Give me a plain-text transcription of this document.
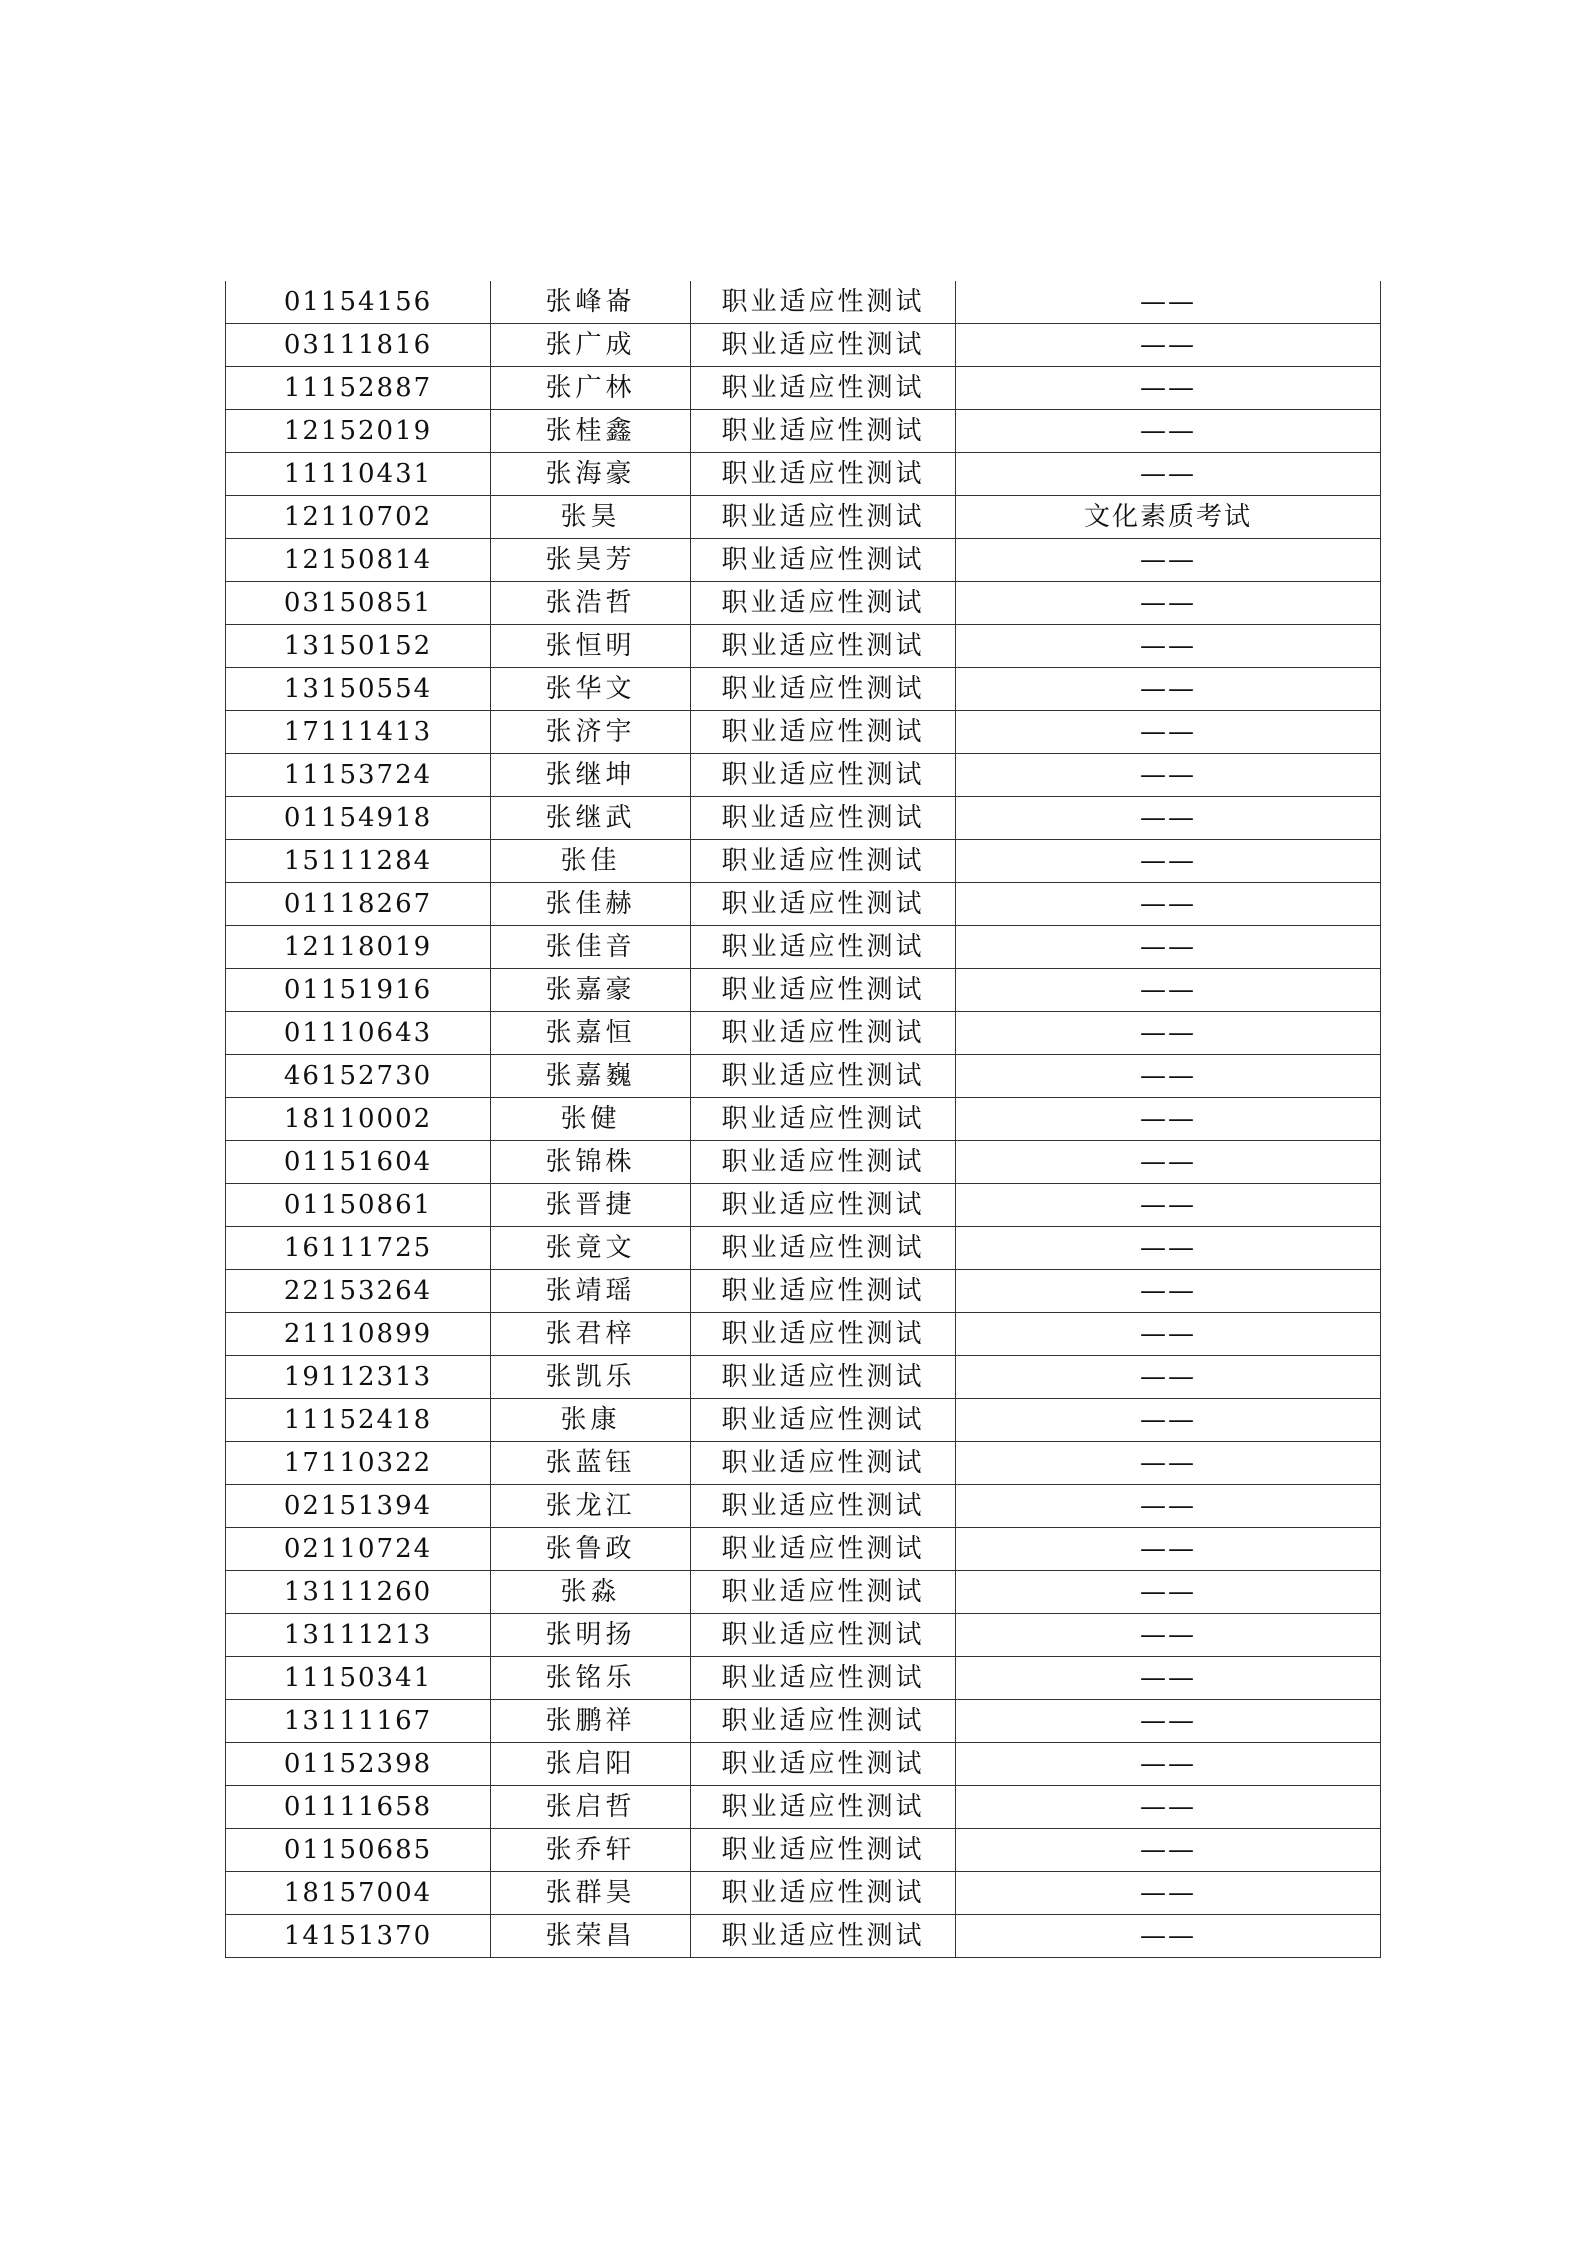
01154156	张峰崙	职业适应性测试	——
03111816	张广成	职业适应性测试	——
11152887	张广林	职业适应性测试	——
12152019	张桂鑫	职业适应性测试	——
11110431	张海豪	职业适应性测试	——
12110702	张昊	职业适应性测试	文化素质考试
12150814	张昊芳	职业适应性测试	——
03150851	张浩哲	职业适应性测试	——
13150152	张恒明	职业适应性测试	——
13150554	张华文	职业适应性测试	——
17111413	张济宇	职业适应性测试	——
11153724	张继坤	职业适应性测试	——
01154918	张继武	职业适应性测试	——
15111284	张佳	职业适应性测试	——
01118267	张佳赫	职业适应性测试	——
12118019	张佳音	职业适应性测试	——
01151916	张嘉豪	职业适应性测试	——
01110643	张嘉恒	职业适应性测试	——
46152730	张嘉巍	职业适应性测试	——
18110002	张健	职业适应性测试	——
01151604	张锦株	职业适应性测试	——
01150861	张晋捷	职业适应性测试	——
16111725	张竟文	职业适应性测试	——
22153264	张靖瑶	职业适应性测试	——
21110899	张君梓	职业适应性测试	——
19112313	张凯乐	职业适应性测试	——
11152418	张康	职业适应性测试	——
17110322	张蓝钰	职业适应性测试	——
02151394	张龙江	职业适应性测试	——
02110724	张鲁政	职业适应性测试	——
13111260	张淼	职业适应性测试	——
13111213	张明扬	职业适应性测试	——
11150341	张铭乐	职业适应性测试	——
13111167	张鹏祥	职业适应性测试	——
01152398	张启阳	职业适应性测试	——
01111658	张启哲	职业适应性测试	——
01150685	张乔轩	职业适应性测试	——
18157004	张群昊	职业适应性测试	——
14151370	张荣昌	职业适应性测试	——
